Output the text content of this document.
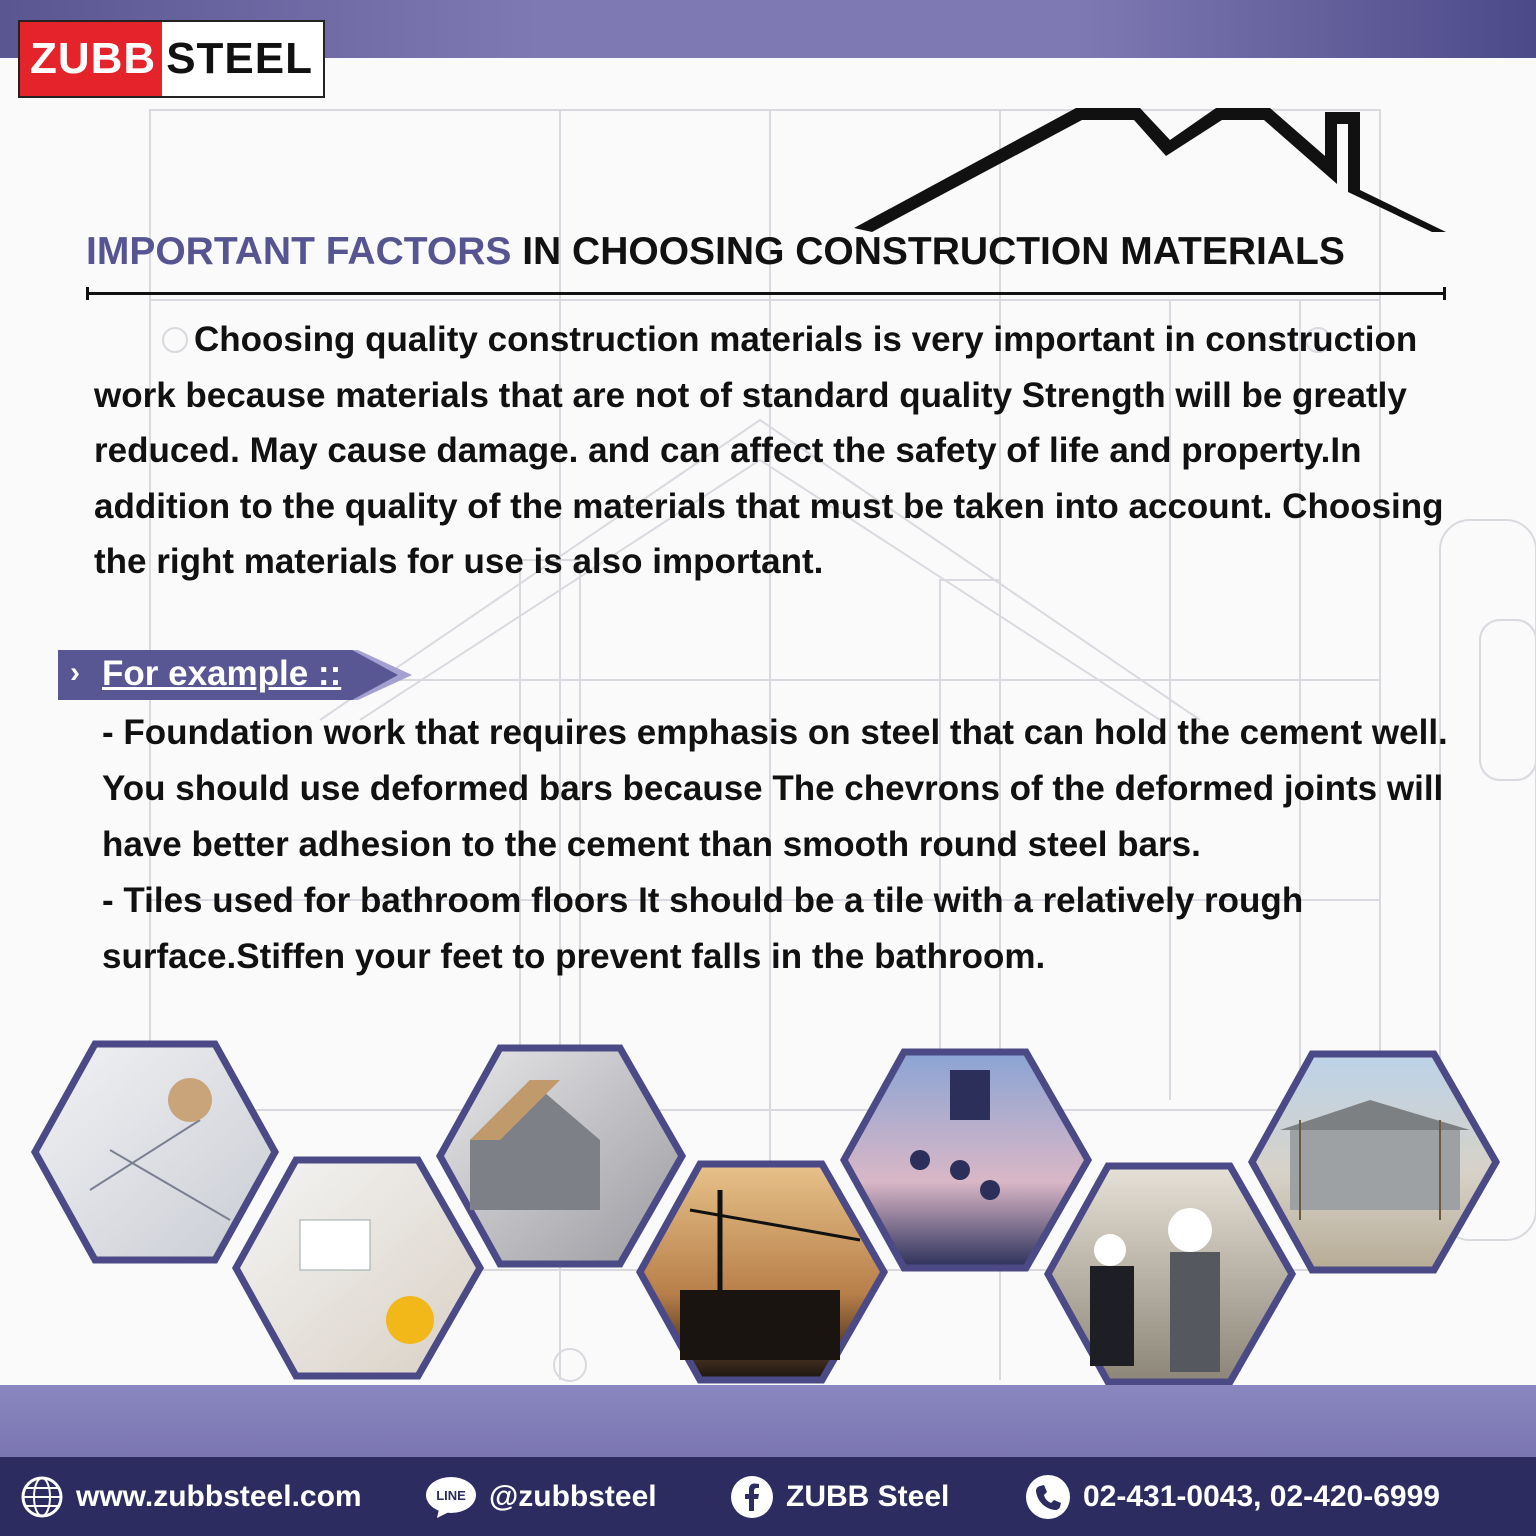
ZUBB STEEL
IMPORTANT FACTORS IN CHOOSING CONSTRUCTION MATERIALS
Choosing quality construction materials is very important in construction work because materials that are not of standard quality Strength will be greatly reduced. May cause damage. and can affect the safety of life and property.In addition to the quality of the materials that must be taken into account. Choosing the right materials for use is also important.
› For example ::

- Foundation work that requires emphasis on steel that can hold the cement well. You should use deformed bars because The chevrons of the deformed joints will have better adhesion to the cement than smooth round steel bars.

- Tiles used for bathroom floors It should be a tile with a relatively rough surface.Stiffen your feet to prevent falls in the bathroom.

www.zubbsteel.com	LINE @zubbsteel	ZUBB Steel	02-431-0043, 02-420-6999
